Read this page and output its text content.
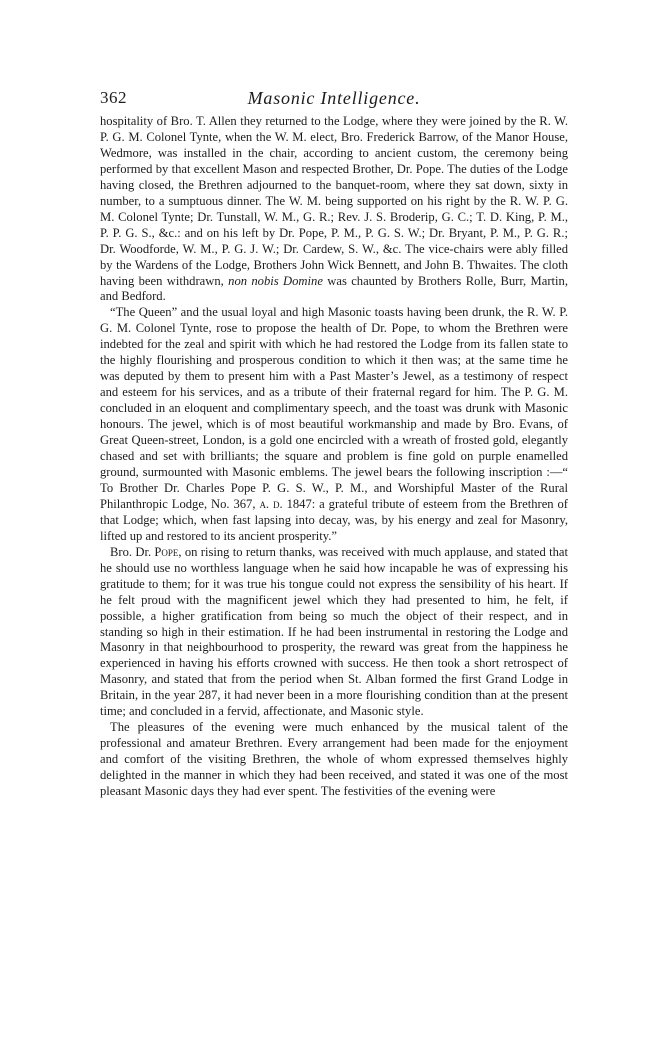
362	Masonic Intelligence.

hospitality of Bro. T. Allen they returned to the Lodge, where they were joined by the R. W. P. G. M. Colonel Tynte, when the W. M. elect, Bro. Frederick Barrow, of the Manor House, Wedmore, was installed in the chair, according to ancient custom, the ceremony being performed by that excellent Mason and respected Brother, Dr. Pope. The duties of the Lodge having closed, the Brethren adjourned to the banquet-room, where they sat down, sixty in number, to a sumptuous dinner. The W. M. being supported on his right by the R. W. P. G. M. Colonel Tynte; Dr. Tunstall, W. M., G. R.; Rev. J. S. Broderip, G. C.; T. D. King, P. M., P. P. G. S., &c.: and on his left by Dr. Pope, P. M., P. G. S. W.; Dr. Bryant, P. M., P. G. R.; Dr. Woodforde, W. M., P. G. J. W.; Dr. Cardew, S. W., &c. The vice-chairs were ably filled by the Wardens of the Lodge, Brothers John Wick Bennett, and John B. Thwaites. The cloth having been withdrawn, non nobis Domine was chaunted by Brothers Rolle, Burr, Martin, and Bedford.

“The Queen” and the usual loyal and high Masonic toasts having been drunk, the R. W. P. G. M. Colonel Tynte, rose to propose the health of Dr. Pope, to whom the Brethren were indebted for the zeal and spirit with which he had restored the Lodge from its fallen state to the highly flourishing and prosperous condition to which it then was; at the same time he was deputed by them to present him with a Past Master’s Jewel, as a testimony of respect and esteem for his services, and as a tribute of their fraternal regard for him. The P. G. M. concluded in an eloquent and complimentary speech, and the toast was drunk with Masonic honours. The jewel, which is of most beautiful workmanship and made by Bro. Evans, of Great Queen-street, London, is a gold one encircled with a wreath of frosted gold, elegantly chased and set with brilliants; the square and problem is fine gold on purple enamelled ground, surmounted with Masonic emblems. The jewel bears the following inscription :—“ To Brother Dr. Charles Pope P. G. S. W., P. M., and Worshipful Master of the Rural Philanthropic Lodge, No. 367, a. d. 1847: a grateful tribute of esteem from the Brethren of that Lodge; which, when fast lapsing into decay, was, by his energy and zeal for Masonry, lifted up and restored to its ancient prosperity.”

Bro. Dr. Pope, on rising to return thanks, was received with much applause, and stated that he should use no worthless language when he said how incapable he was of expressing his gratitude to them; for it was true his tongue could not express the sensibility of his heart. If he felt proud with the magnificent jewel which they had presented to him, he felt, if possible, a higher gratification from being so much the object of their respect, and in standing so high in their estimation. If he had been instrumental in restoring the Lodge and Masonry in that neighbourhood to prosperity, the reward was great from the happiness he experienced in having his efforts crowned with success. He then took a short retrospect of Masonry, and stated that from the period when St. Alban formed the first Grand Lodge in Britain, in the year 287, it had never been in a more flourishing condition than at the present time; and concluded in a fervid, affectionate, and Masonic style.

The pleasures of the evening were much enhanced by the musical talent of the professional and amateur Brethren. Every arrangement had been made for the enjoyment and comfort of the visiting Brethren, the whole of whom expressed themselves highly delighted in the manner in which they had been received, and stated it was one of the most pleasant Masonic days they had ever spent. The festivities of the evening were
